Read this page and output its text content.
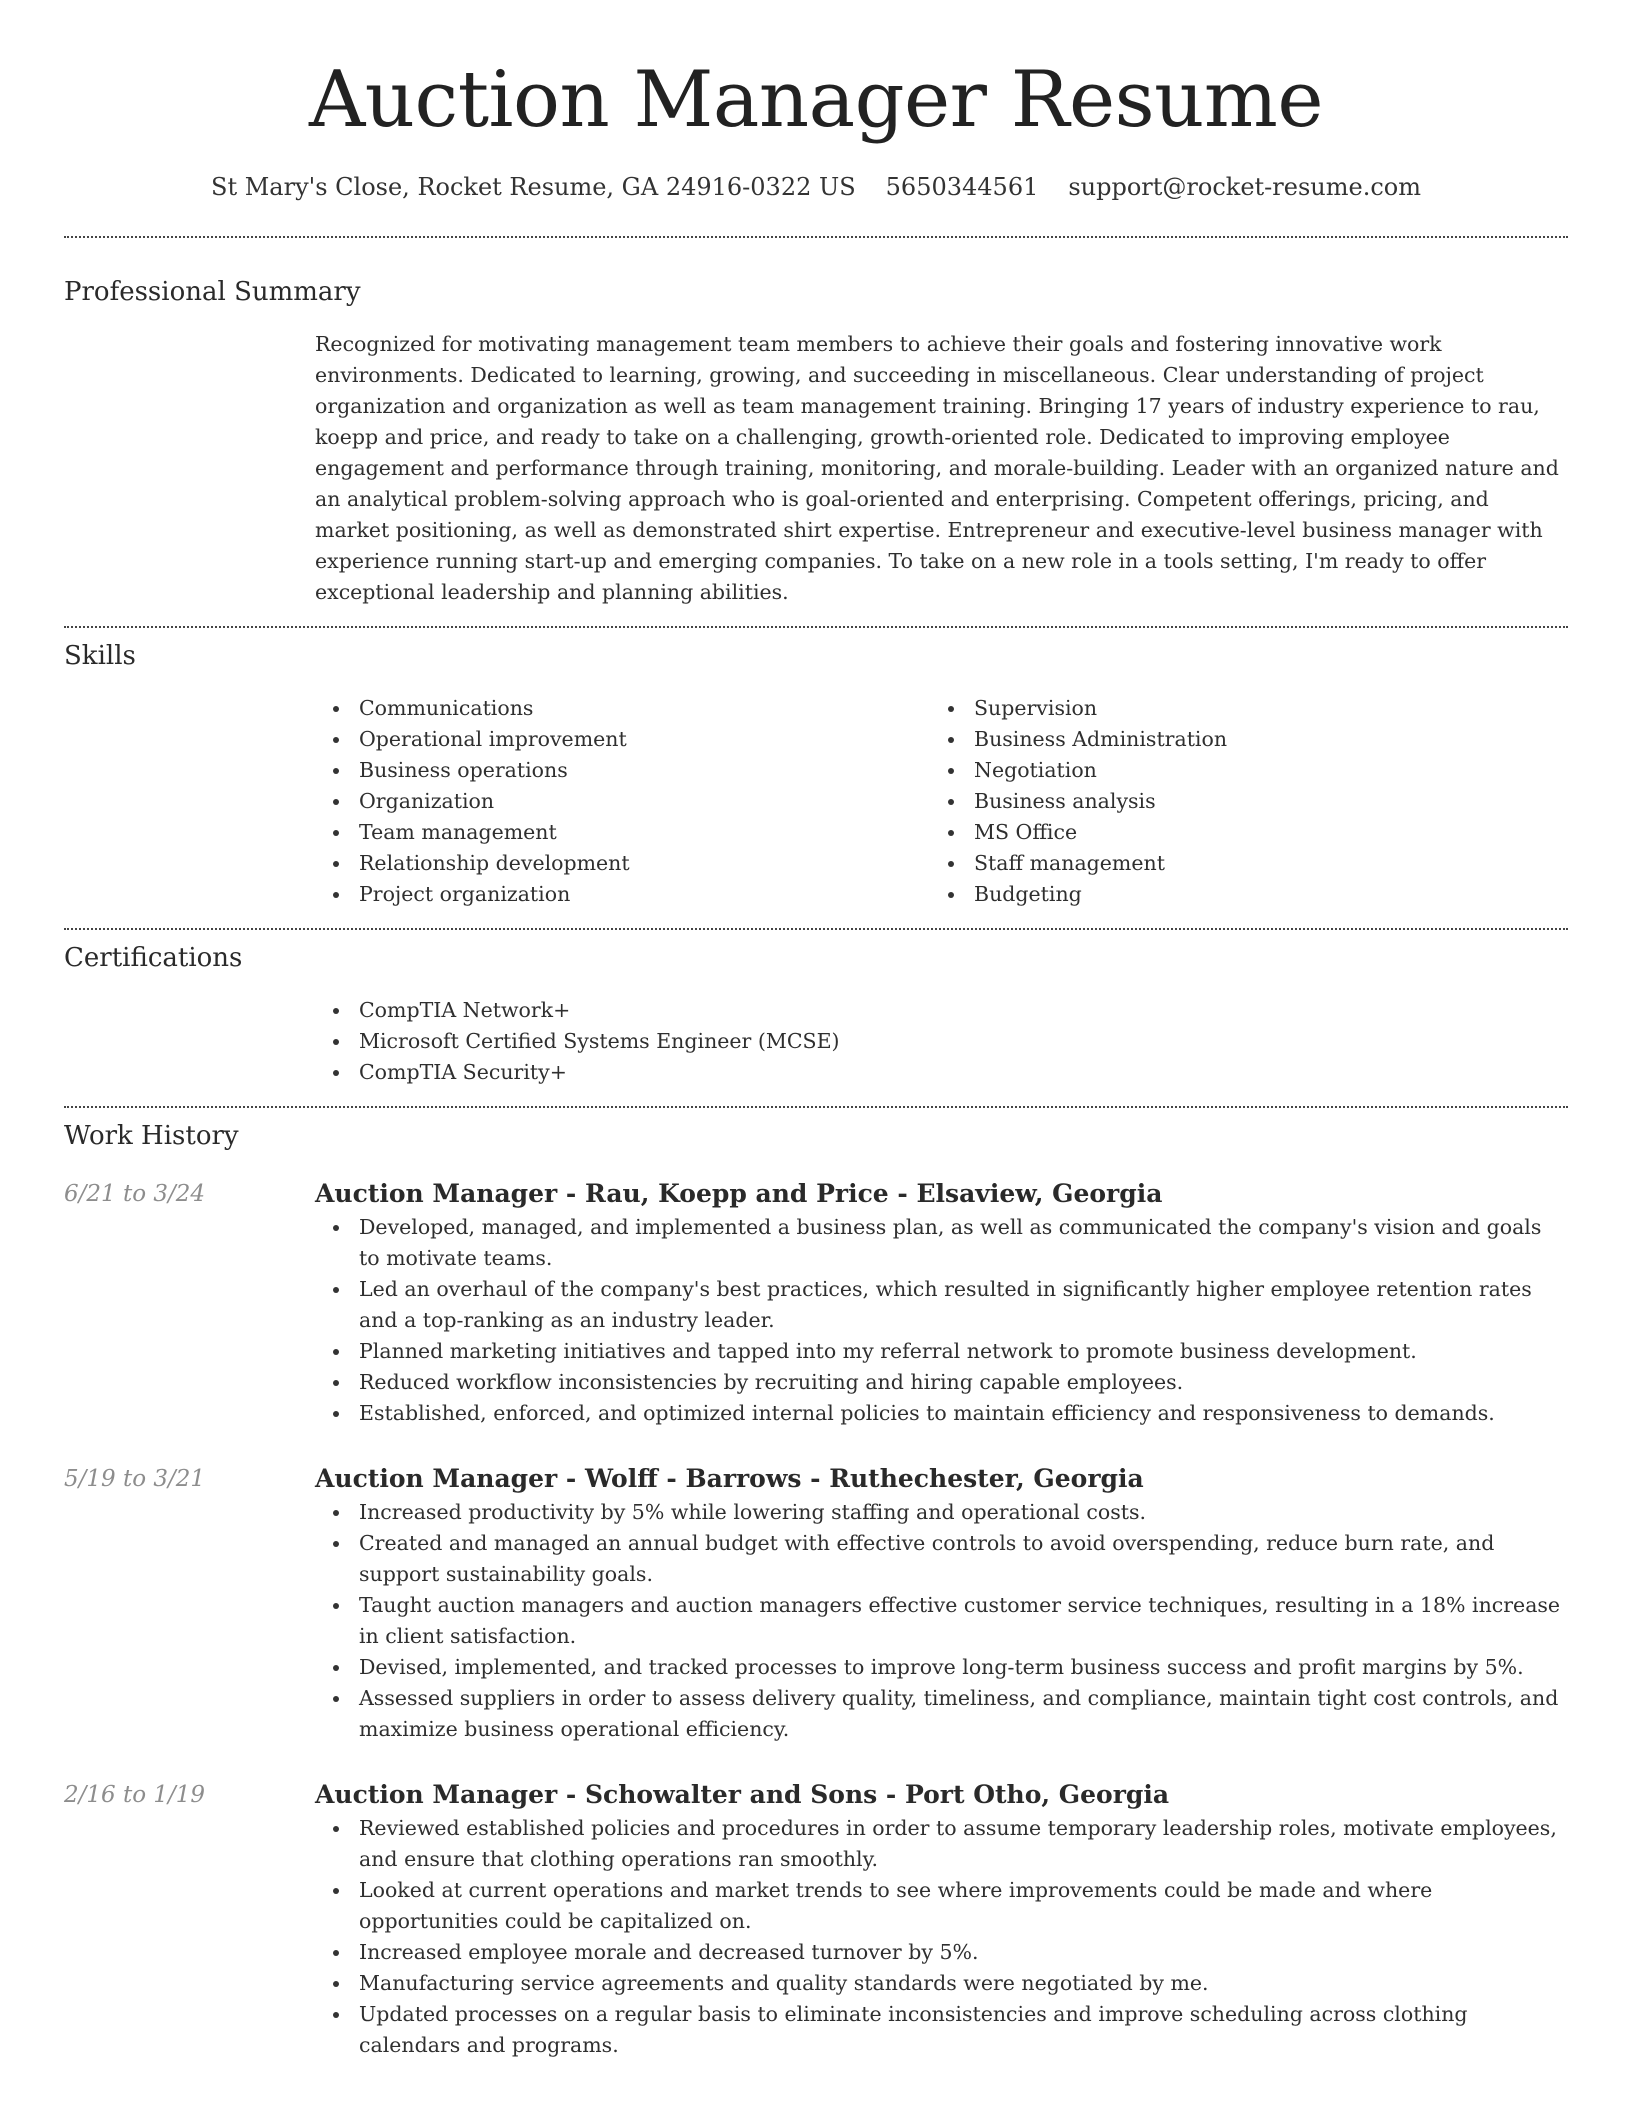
Auction Manager Resume
St Mary's Close, Rocket Resume, GA 24916-0322 US 5650344561 support@rocket-resume.com
Professional Summary

Recognized for motivating management team members to achieve their goals and fostering innovative work environments. Dedicated to learning, growing, and succeeding in miscellaneous. Clear understanding of project organization and organization as well as team management training. Bringing 17 years of industry experience to rau, koepp and price, and ready to take on a challenging, growth-oriented role. Dedicated to improving employee engagement and performance through training, monitoring, and morale-building. Leader with an organized nature and an analytical problem-solving approach who is goal-oriented and enterprising. Competent offerings, pricing, and market positioning, as well as demonstrated shirt expertise. Entrepreneur and executive-level business manager with experience running start-up and emerging companies. To take on a new role in a tools setting, I'm ready to offer exceptional leadership and planning abilities.

Skills
Communications
Operational improvement
Business operations
Organization
Team management
Relationship development
Project organization
Supervision
Business Administration
Negotiation
Business analysis
MS Office
Staff management
Budgeting
Certifications
CompTIA Network+
Microsoft Certified Systems Engineer (MCSE)
CompTIA Security+
Work History
6/21 to 3/24	Auction Manager - Rau, Koepp and Price - Elsaview, Georgia
Developed, managed, and implemented a business plan, as well as communicated the company's vision and goals to motivate teams.
Led an overhaul of the company's best practices, which resulted in significantly higher employee retention rates and a top-ranking as an industry leader.
Planned marketing initiatives and tapped into my referral network to promote business development.
Reduced workflow inconsistencies by recruiting and hiring capable employees.
Established, enforced, and optimized internal policies to maintain efficiency and responsiveness to demands.
5/19 to 3/21	Auction Manager - Wolff - Barrows - Ruthechester, Georgia
Increased productivity by 5% while lowering staffing and operational costs.
Created and managed an annual budget with effective controls to avoid overspending, reduce burn rate, and support sustainability goals.
Taught auction managers and auction managers effective customer service techniques, resulting in a 18% increase in client satisfaction.
Devised, implemented, and tracked processes to improve long-term business success and profit margins by 5%.
Assessed suppliers in order to assess delivery quality, timeliness, and compliance, maintain tight cost controls, and maximize business operational efficiency.
2/16 to 1/19	Auction Manager - Schowalter and Sons - Port Otho, Georgia
Reviewed established policies and procedures in order to assume temporary leadership roles, motivate employees, and ensure that clothing operations ran smoothly.
Looked at current operations and market trends to see where improvements could be made and where opportunities could be capitalized on.
Increased employee morale and decreased turnover by 5%.
Manufacturing service agreements and quality standards were negotiated by me.
Updated processes on a regular basis to eliminate inconsistencies and improve scheduling across clothing calendars and programs.
